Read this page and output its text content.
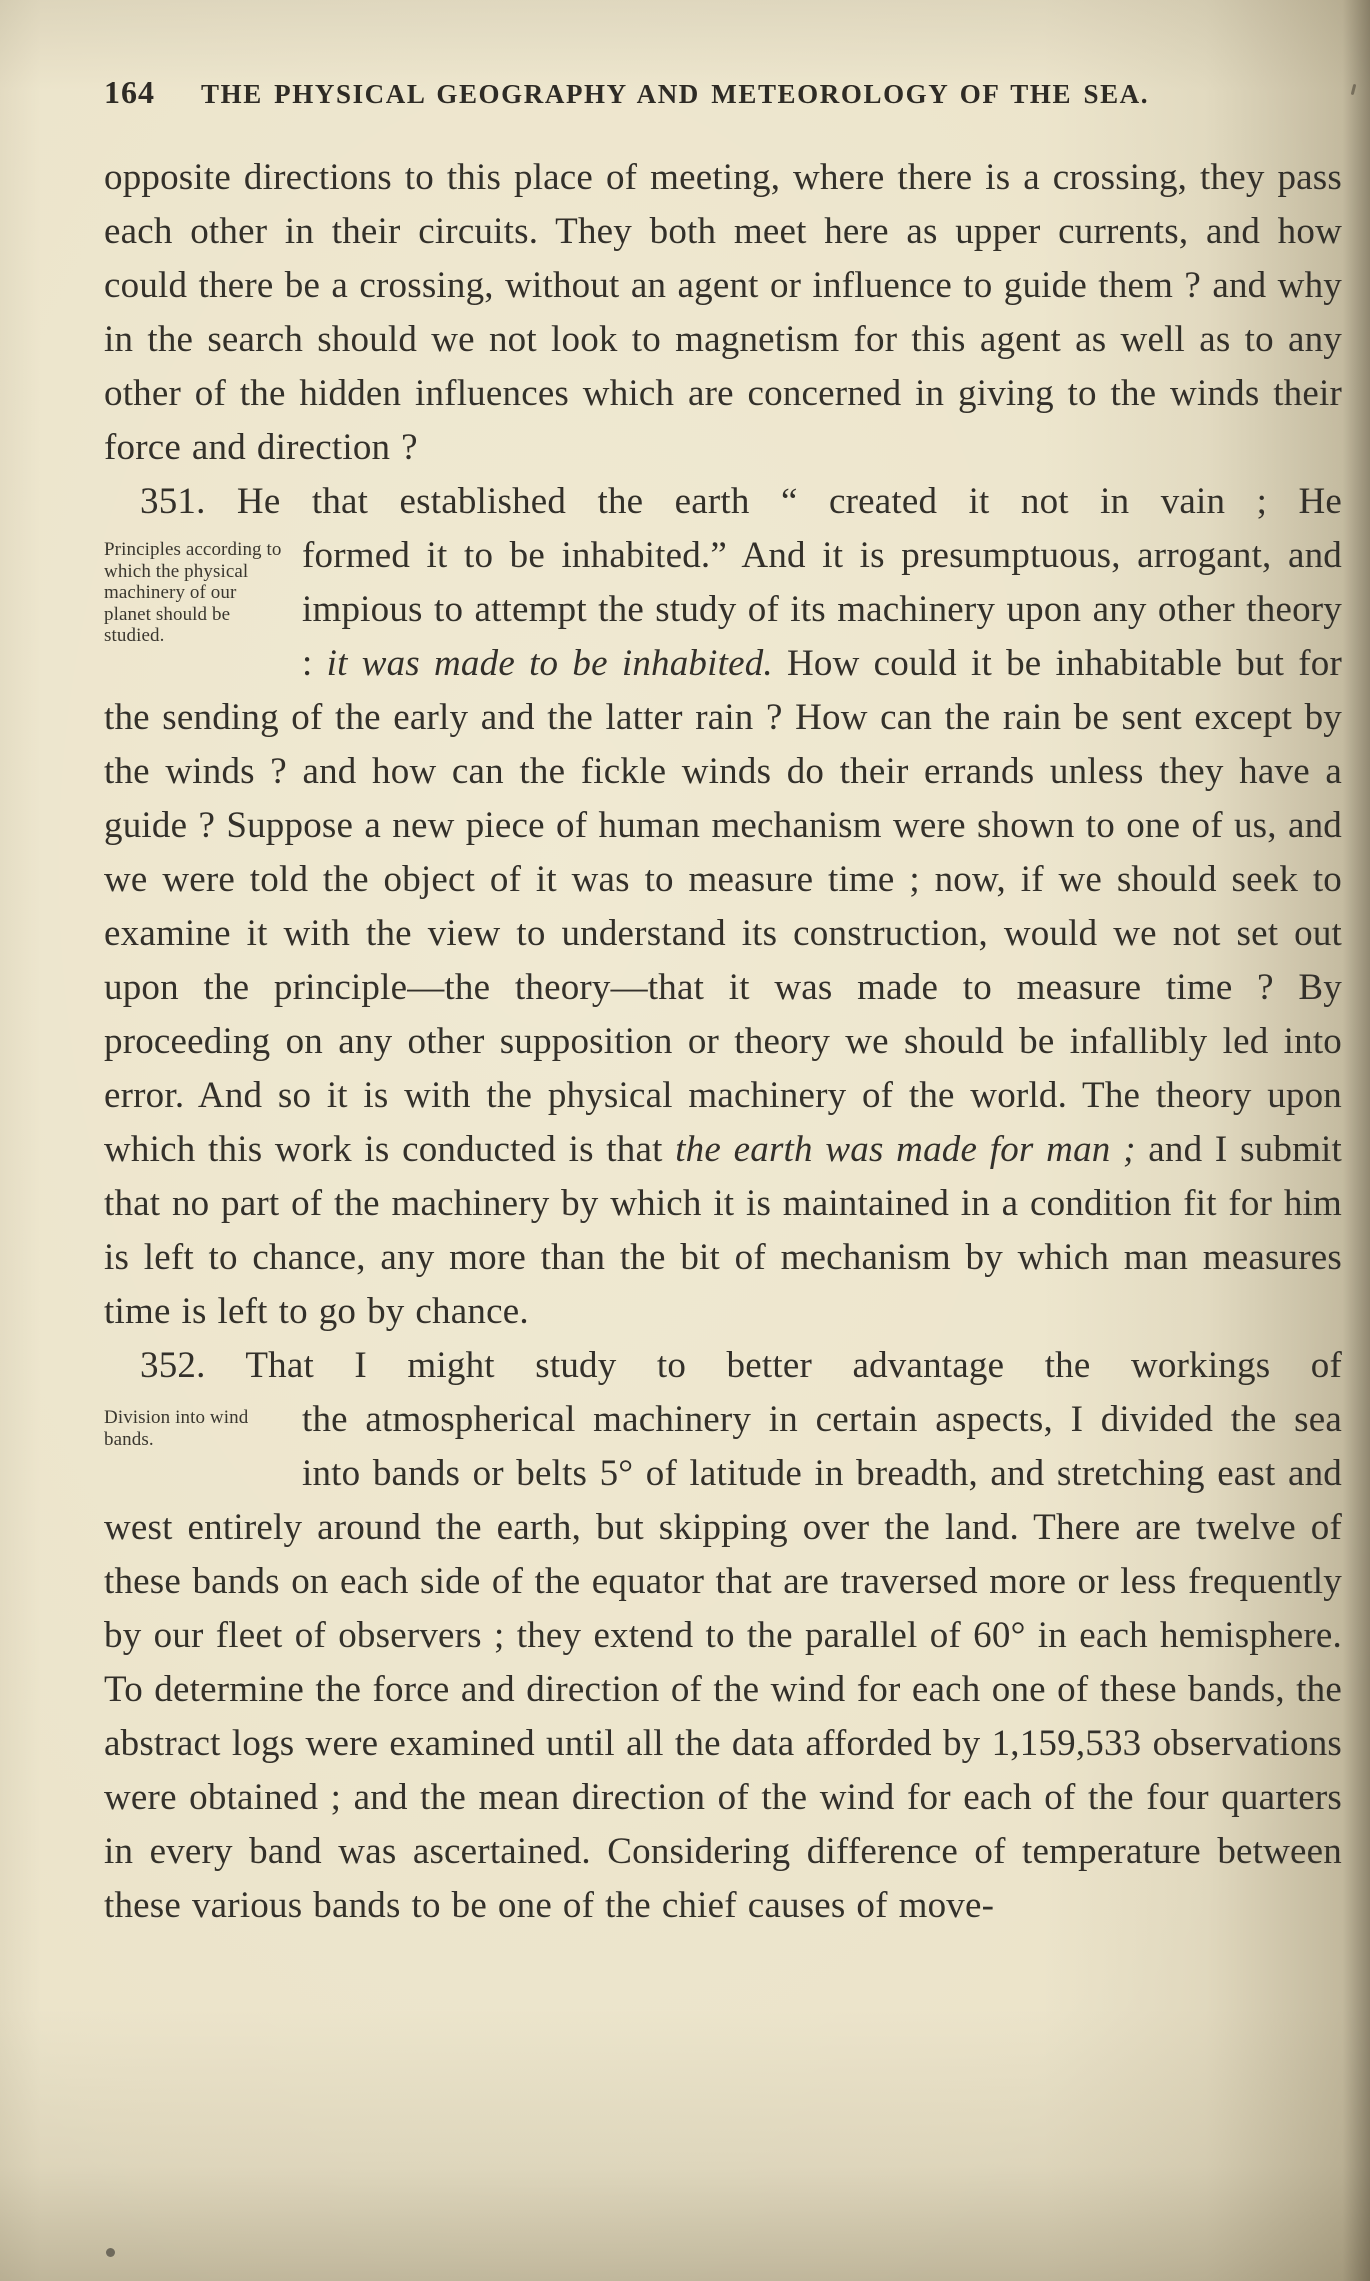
164 THE PHYSICAL GEOGRAPHY AND METEOROLOGY OF THE SEA.

opposite directions to this place of meeting, where there is a crossing, they pass each other in their circuits. They both meet here as upper currents, and how could there be a crossing, without an agent or influence to guide them ? and why in the search should we not look to magnetism for this agent as well as to any other of the hidden influences which are concerned in giving to the winds their force and direction ?

351. He that established the earth “ created it not in vain ; He
Principles according to which the physical machinery of our planet should be studied.
formed it to be inhabited.” And it is presumptuous, arrogant, and impious to attempt the study of its machinery upon any other theory : it was made to be inhabited. How could it be inhabitable but for the sending of the early and the latter rain ? How can the rain be sent except by the winds ? and how can the fickle winds do their errands unless they have a guide ? Suppose a new piece of human mechanism were shown to one of us, and we were told the object of it was to measure time ; now, if we should seek to examine it with the view to understand its construction, would we not set out upon the principle—the theory—that it was made to measure time ? By proceeding on any other supposition or theory we should be infallibly led into error. And so it is with the physical machinery of the world. The theory upon which this work is conducted is that the earth was made for man ; and I submit that no part of the machinery by which it is maintained in a condition fit for him is left to chance, any more than the bit of mechanism by which man measures time is left to go by chance.

352. That I might study to better advantage the workings of
Division into wind bands.	the atmospherical machinery in certain aspects, I divided the sea into bands or belts 5° of latitude in breadth, and stretching east and west entirely around the earth, but skipping over the land. There are twelve of these bands on each side of the equator that are traversed more or less frequently by our fleet of observers ; they extend to the parallel of 60° in each hemisphere. To determine the force and direction of the wind for each one of these bands, the abstract logs were examined until all the data afforded by 1,159,533 observations were obtained ; and the mean direction of the wind for each of the four quarters in every band was ascertained. Considering difference of temperature between these various bands to be one of the chief causes of move-
